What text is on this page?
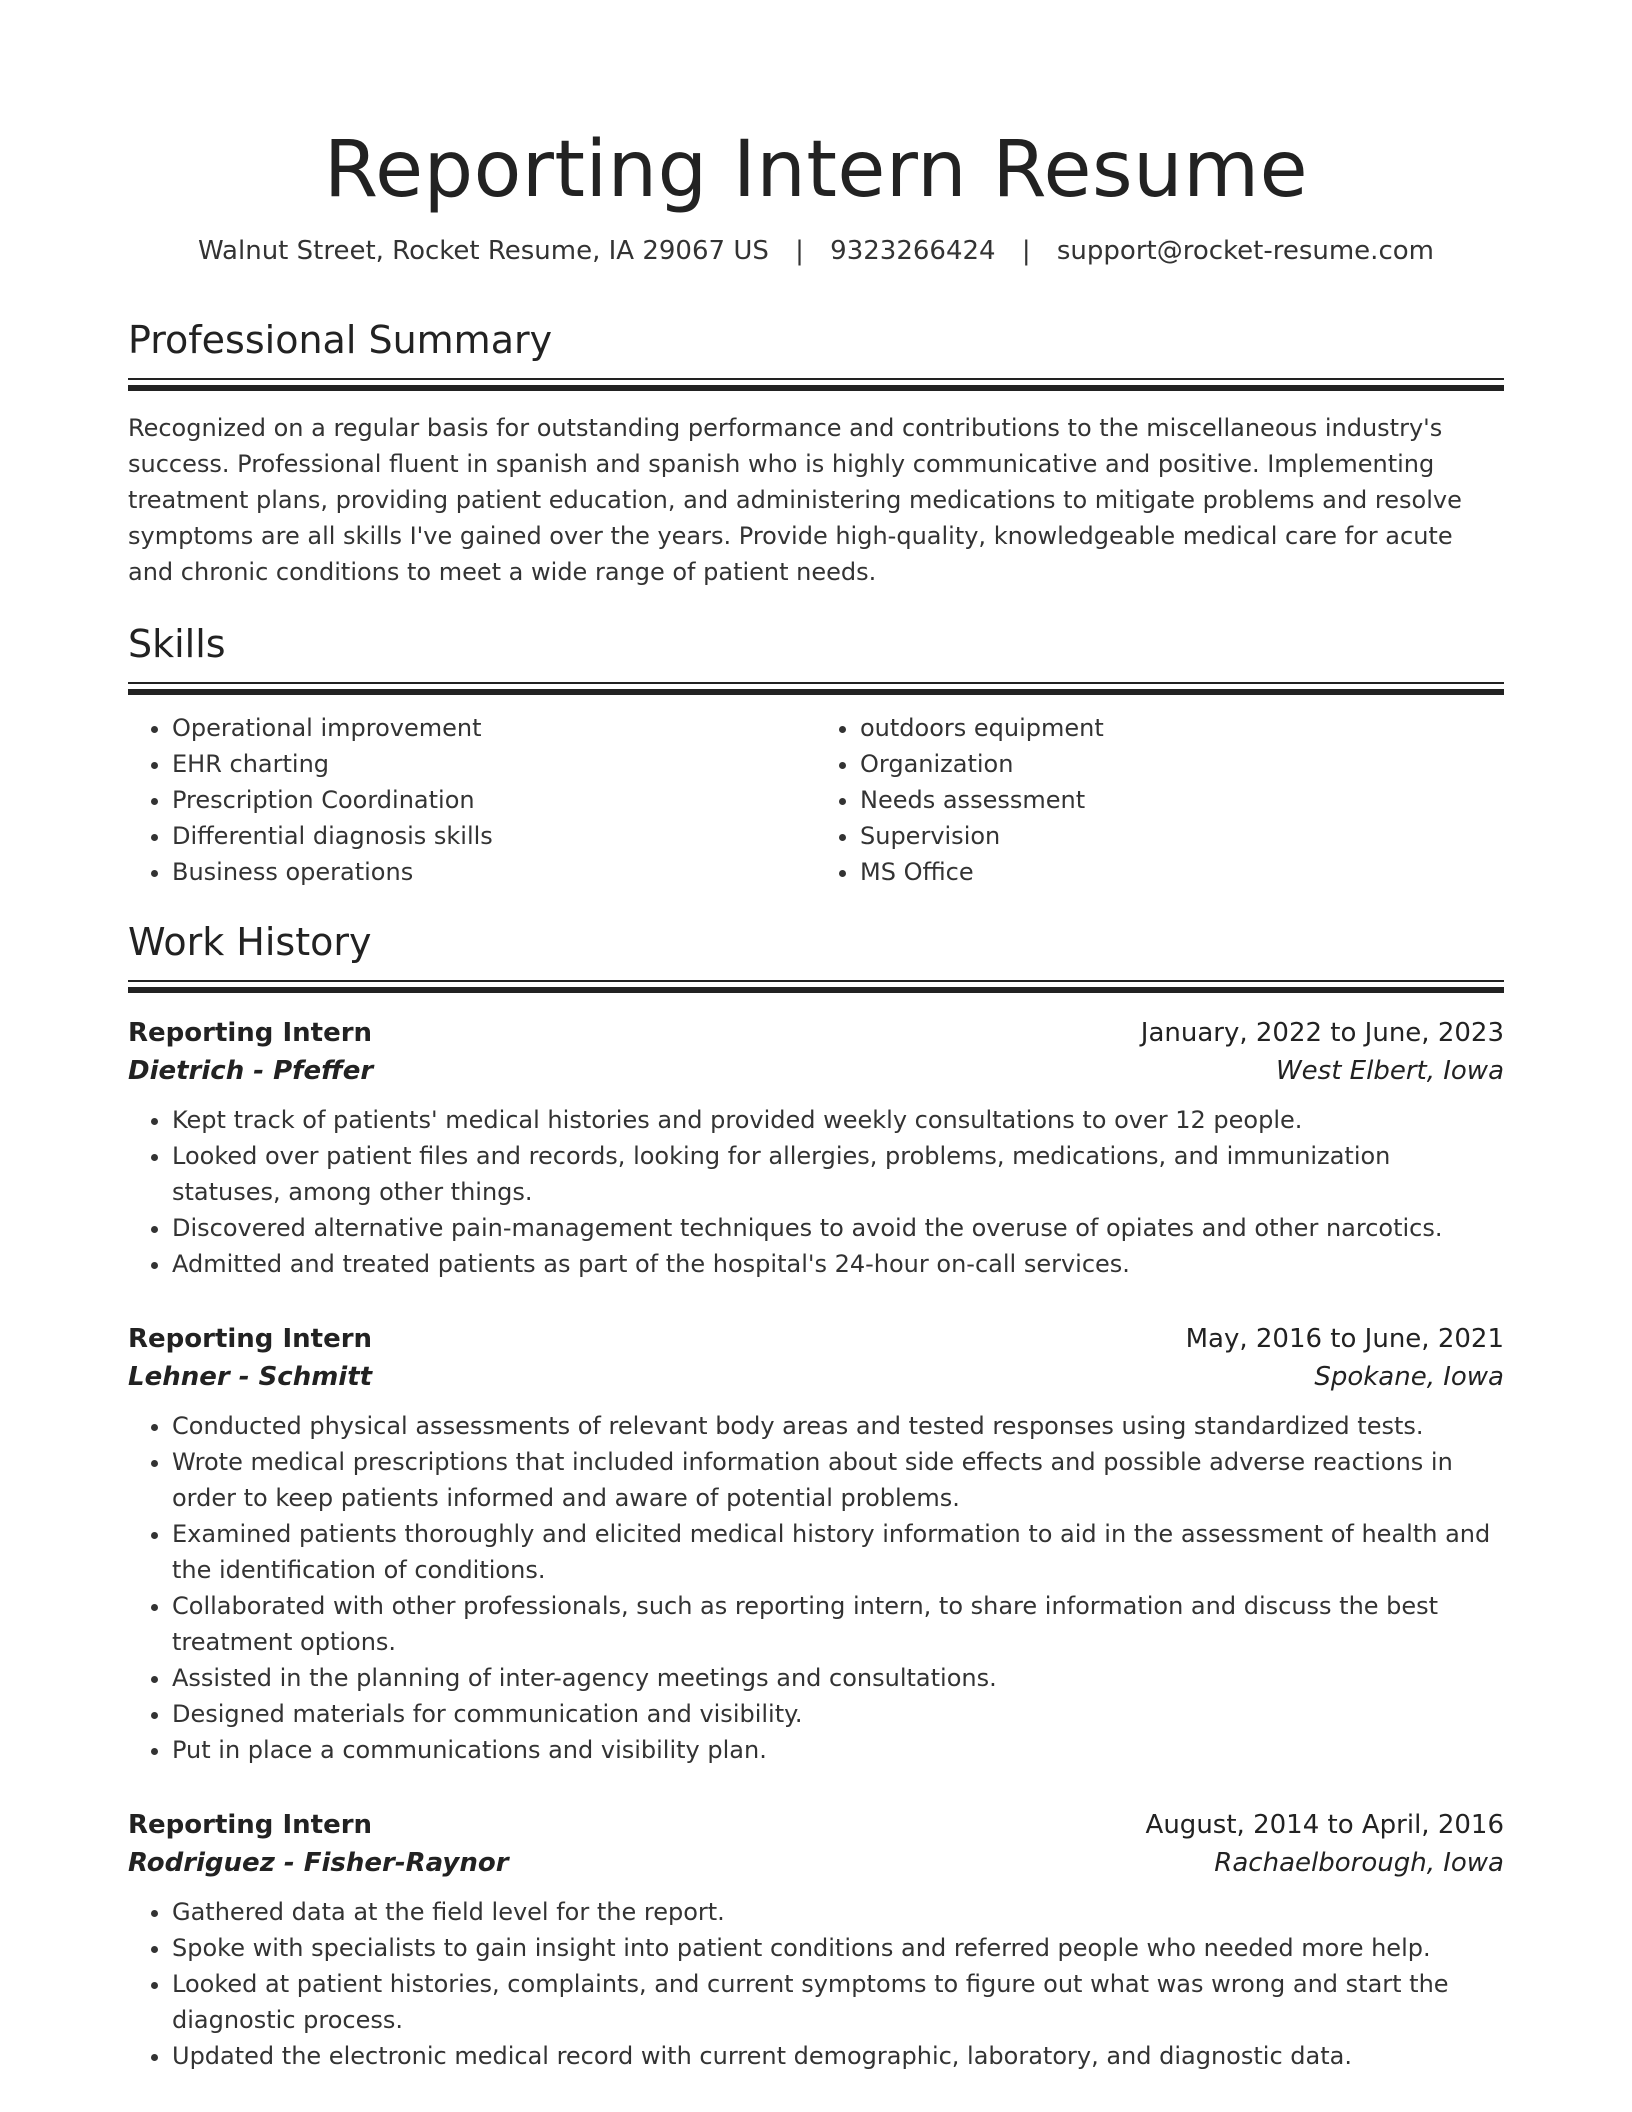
Reporting Intern Resume
Walnut Street, Rocket Resume, IA 29067 US | 9323266424 | support@rocket-resume.com
Professional Summary

Recognized on a regular basis for outstanding performance and contributions to the miscellaneous industry's success. Professional fluent in spanish and spanish who is highly communicative and positive. Implementing treatment plans, providing patient education, and administering medications to mitigate problems and resolve symptoms are all skills I've gained over the years. Provide high-quality, knowledgeable medical care for acute and chronic conditions to meet a wide range of patient needs.

Skills
• Operational improvement
• EHR charting
• Prescription Coordination
• Differential diagnosis skills
• Business operations
• outdoors equipment
• Organization
• Needs assessment
• Supervision
• MS Office
Work History
Reporting Intern	January, 2022 to June, 2023
Dietrich - Pfeffer	West Elbert, Iowa
• Kept track of patients' medical histories and provided weekly consultations to over 12 people.
• Looked over patient files and records, looking for allergies, problems, medications, and immunization statuses, among other things.
• Discovered alternative pain-management techniques to avoid the overuse of opiates and other narcotics.
• Admitted and treated patients as part of the hospital's 24-hour on-call services.
Reporting Intern	May, 2016 to June, 2021
Lehner - Schmitt	Spokane, Iowa
• Conducted physical assessments of relevant body areas and tested responses using standardized tests.
• Wrote medical prescriptions that included information about side effects and possible adverse reactions in order to keep patients informed and aware of potential problems.
• Examined patients thoroughly and elicited medical history information to aid in the assessment of health and the identification of conditions.
• Collaborated with other professionals, such as reporting intern, to share information and discuss the best treatment options.
• Assisted in the planning of inter-agency meetings and consultations.
• Designed materials for communication and visibility.
• Put in place a communications and visibility plan.
Reporting Intern	August, 2014 to April, 2016
Rodriguez - Fisher-Raynor	Rachaelborough, Iowa
• Gathered data at the field level for the report.
• Spoke with specialists to gain insight into patient conditions and referred people who needed more help.
• Looked at patient histories, complaints, and current symptoms to figure out what was wrong and start the diagnostic process.
• Updated the electronic medical record with current demographic, laboratory, and diagnostic data.
